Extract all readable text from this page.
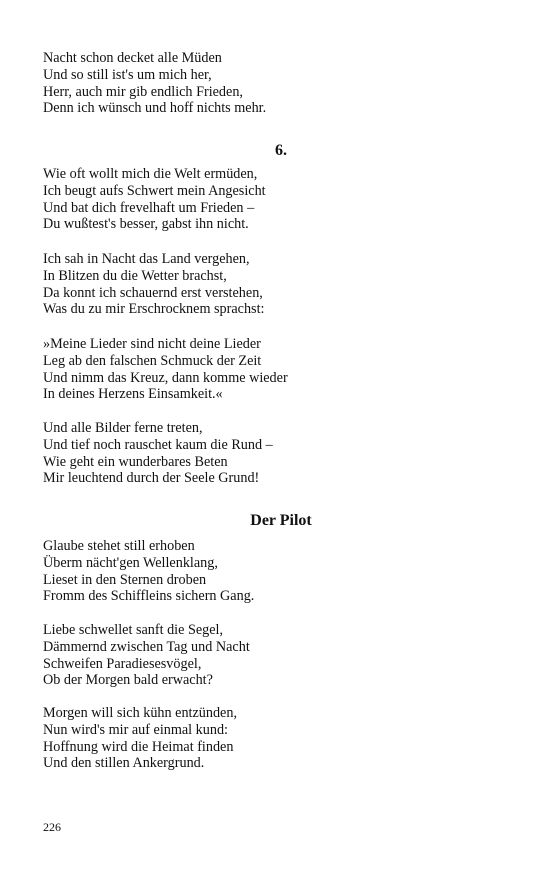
Nacht schon decket alle Müden
Und so still ist's um mich her,
Herr, auch mir gib endlich Frieden,
Denn ich wünsch und hoff nichts mehr.
6.
Wie oft wollt mich die Welt ermüden,
Ich beugt aufs Schwert mein Angesicht
Und bat dich frevelhaft um Frieden –
Du wußtest's besser, gabst ihn nicht.
Ich sah in Nacht das Land vergehen,
In Blitzen du die Wetter brachst,
Da konnt ich schauernd erst verstehen,
Was du zu mir Erschrocknem sprachst:
»Meine Lieder sind nicht deine Lieder
Leg ab den falschen Schmuck der Zeit
Und nimm das Kreuz, dann komme wieder
In deines Herzens Einsamkeit.«
Und alle Bilder ferne treten,
Und tief noch rauschet kaum die Rund –
Wie geht ein wunderbares Beten
Mir leuchtend durch der Seele Grund!
Der Pilot
Glaube stehet still erhoben
Überm nächt'gen Wellenklang,
Lieset in den Sternen droben
Fromm des Schiffleins sichern Gang.
Liebe schwellet sanft die Segel,
Dämmernd zwischen Tag und Nacht
Schweifen Paradiesesvögel,
Ob der Morgen bald erwacht?
Morgen will sich kühn entzünden,
Nun wird's mir auf einmal kund:
Hoffnung wird die Heimat finden
Und den stillen Ankergrund.

226
